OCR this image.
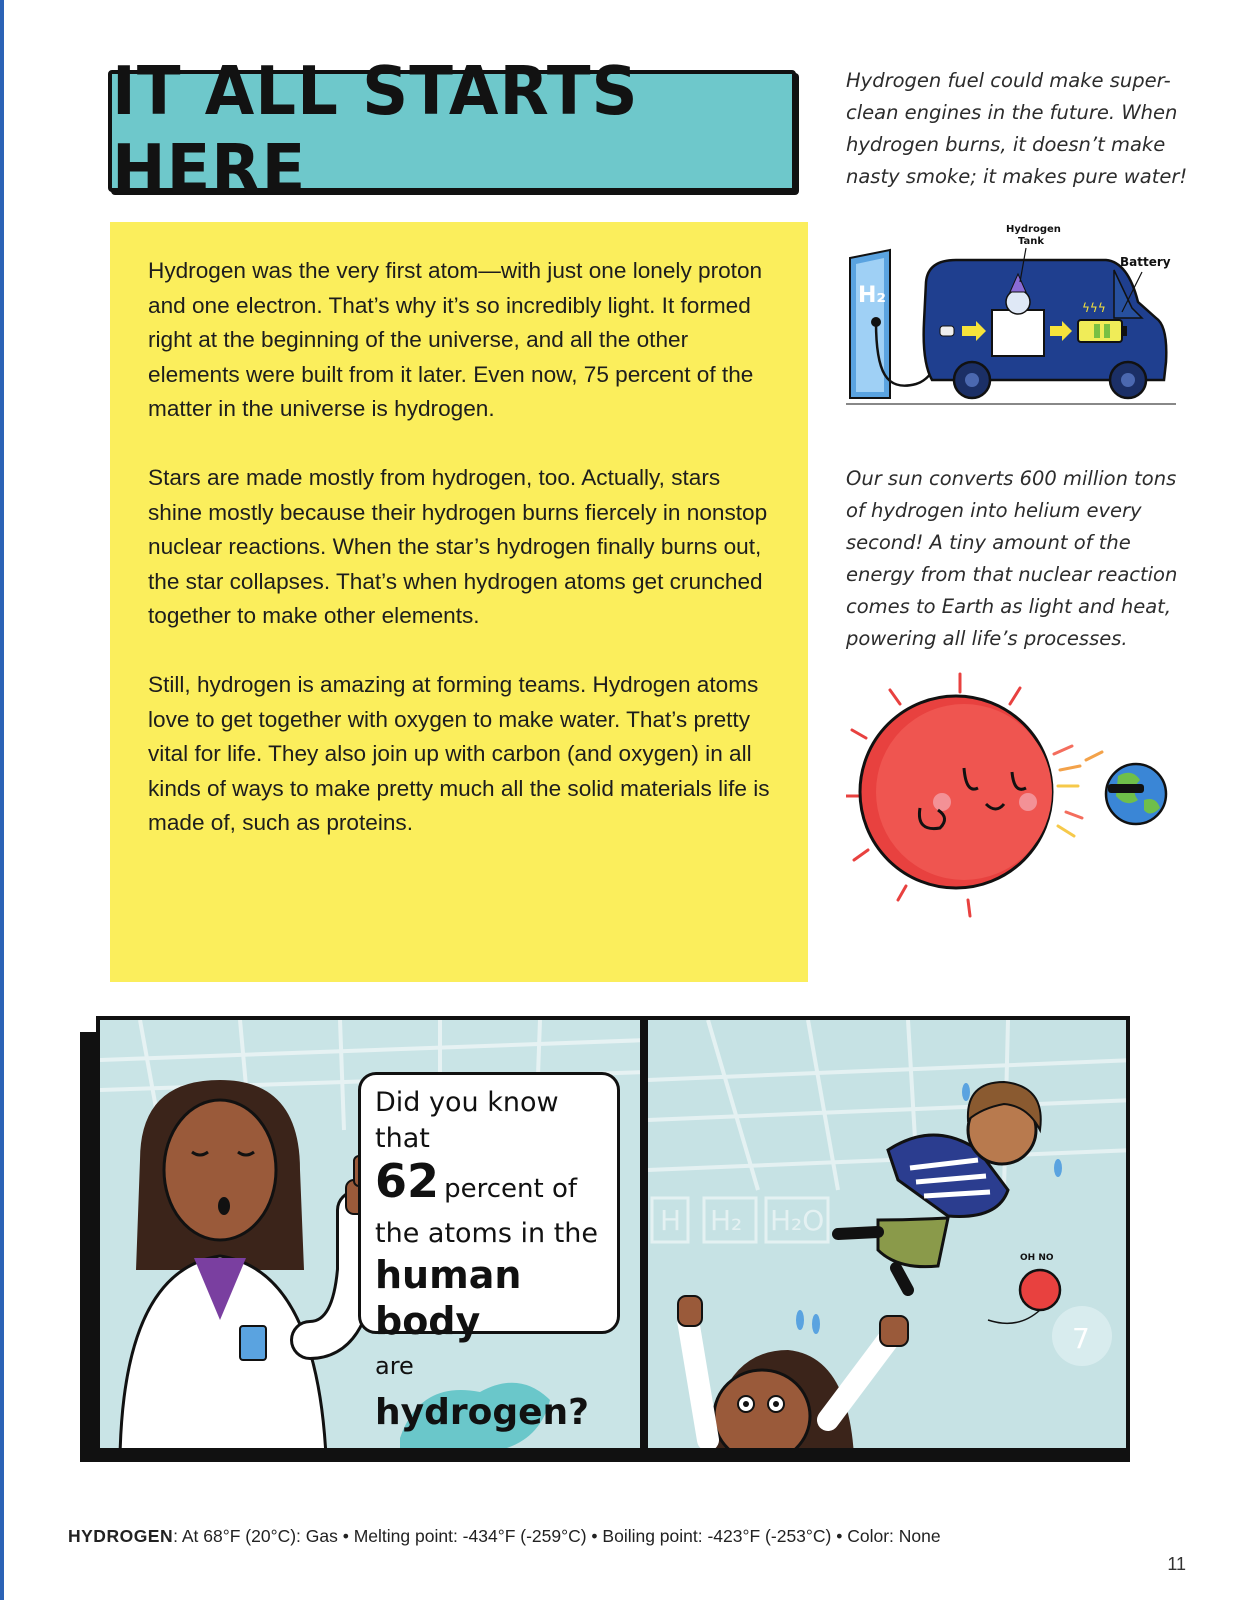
IT ALL STARTS HERE

Hydrogen was the very first atom—with just one lonely proton and one electron. That’s why it’s so incredibly light. It formed right at the beginning of the universe, and all the other elements were built from it later. Even now, 75 percent of the matter in the universe is hydrogen.

Stars are made mostly from hydrogen, too. Actually, stars shine mostly because their hydrogen burns fiercely in nonstop nuclear reactions. When the star’s hydrogen finally burns out, the star collapses. That’s when hydrogen atoms get crunched together to make other elements.

Still, hydrogen is amazing at forming teams. Hydrogen atoms love to get together with oxygen to make water. That’s pretty vital for life. They also join up with carbon (and oxygen) in all kinds of ways to make pretty much all the solid materials life is made of, such as proteins.

Hydrogen fuel could make super-clean engines in the future. When hydrogen burns, it doesn’t make nasty smoke; it makes pure water!
H₂	ϟϟϟ
Hydrogen
Tank
Battery
Our sun converts 600 million tons of hydrogen into helium every second! A tiny amount of the energy from that nuclear reaction comes to Earth as light and heat, powering all life’s processes.
Did you know that
62 percent of
the atoms in the
human body
are hydrogen?
H H₂ H₂O
7
OH NO
HYDROGEN: At 68°F (20°C): Gas • Melting point: -434°F (-259°C) • Boiling point: -423°F (-253°C) • Color: None
11
